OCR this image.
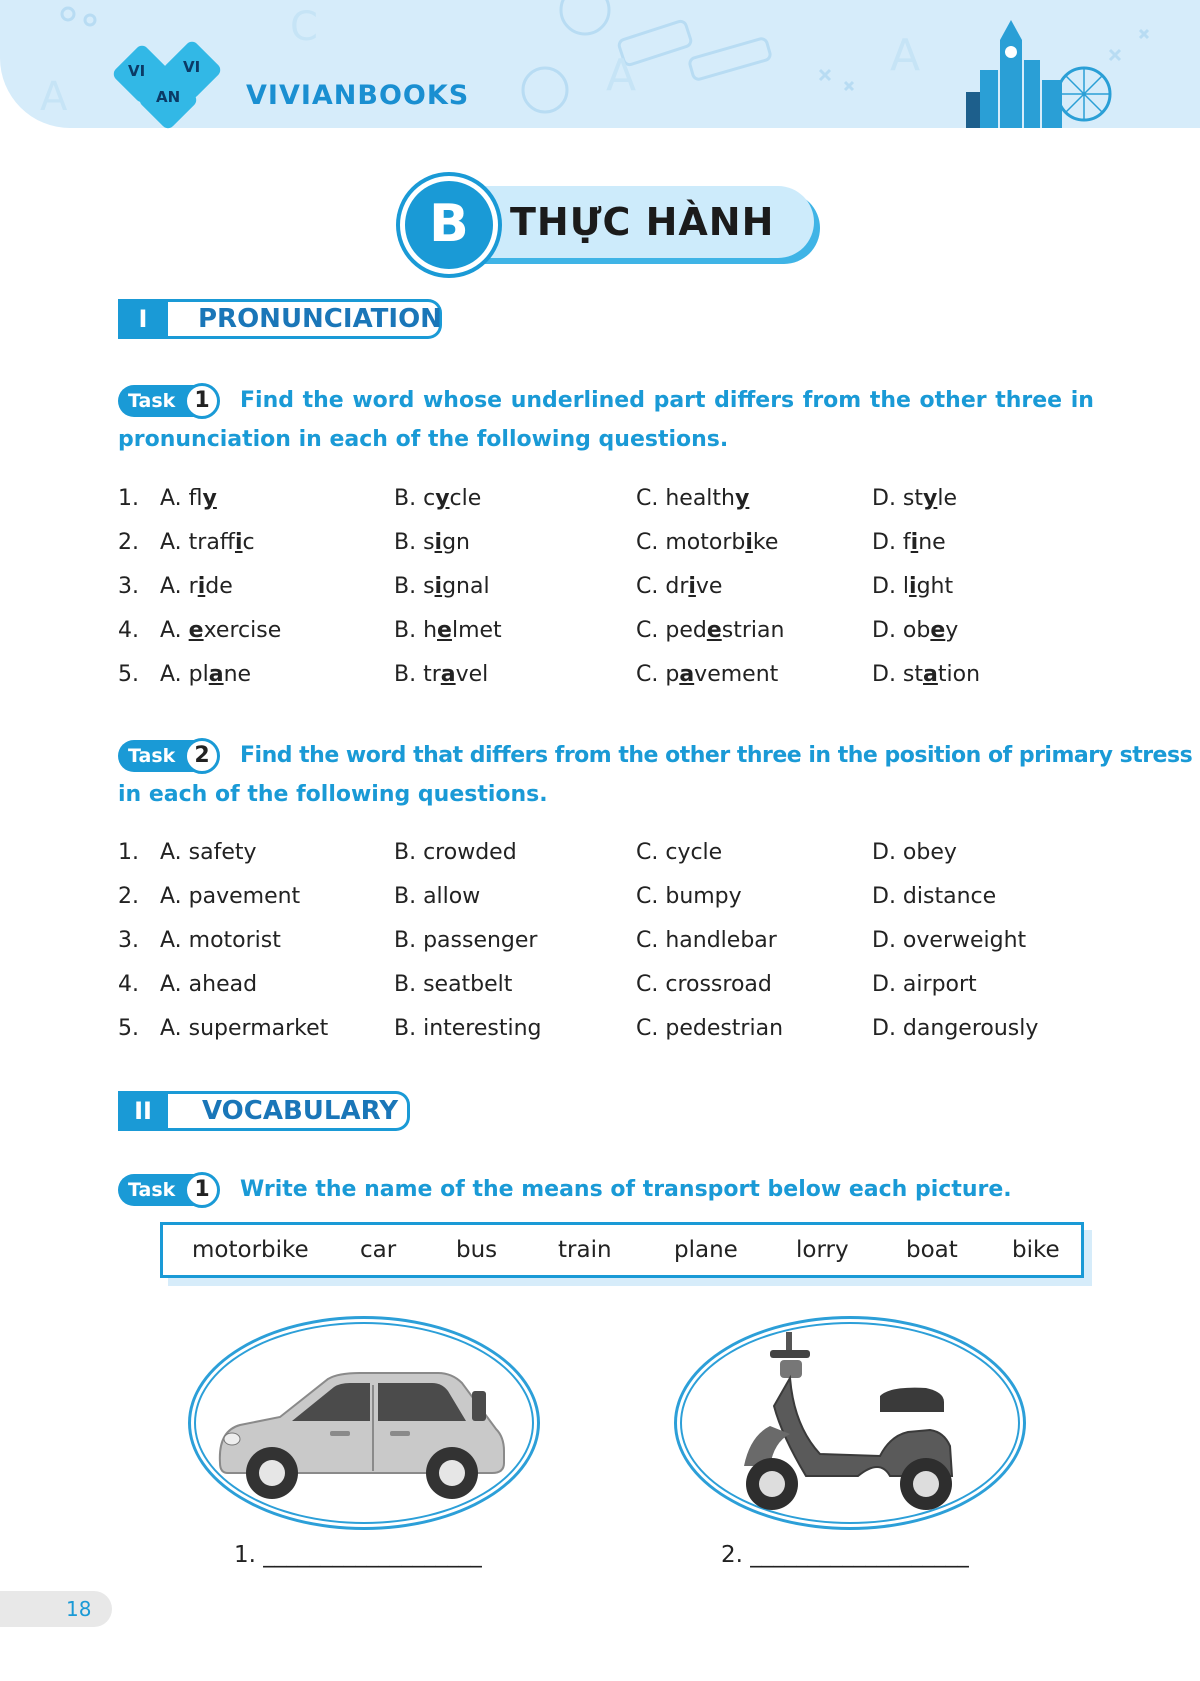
A	A
C
A
VI	VI
AN VIVIANBOOKS
B	THỰC HÀNH
I	PRONUNCIATION
Task 1	Find the word whose underlined part differs from the other three in
pronunciation in each of the following questions.
1. A. fly	B. cycle	C. healthy	D. style
2. A. traffic	B. sign	C. motorbike	D. fine
3. A. ride	B. signal	C. drive	D. light
4. A. exercise	B. helmet	C. pedestrian	D. obey
5. A. plane	B. travel	C. pavement	D. station
Task 2	Find the word that differs from the other three in the position of primary stress
in each of the following questions.
1. A. safety	B. crowded	C. cycle	D. obey
2. A. pavement	B. allow	C. bumpy	D. distance
3. A. motorist	B. passenger	C. handlebar	D. overweight
4. A. ahead	B. seatbelt	C. crossroad	D. airport
5. A. supermarket	B. interesting	C. pedestrian	D. dangerously
II	VOCABULARY
Task 1	Write the name of the means of transport below each picture.
motorbike car	bus	train	plane	lorry boat bike
1. ___________________	2. ___________________
18
